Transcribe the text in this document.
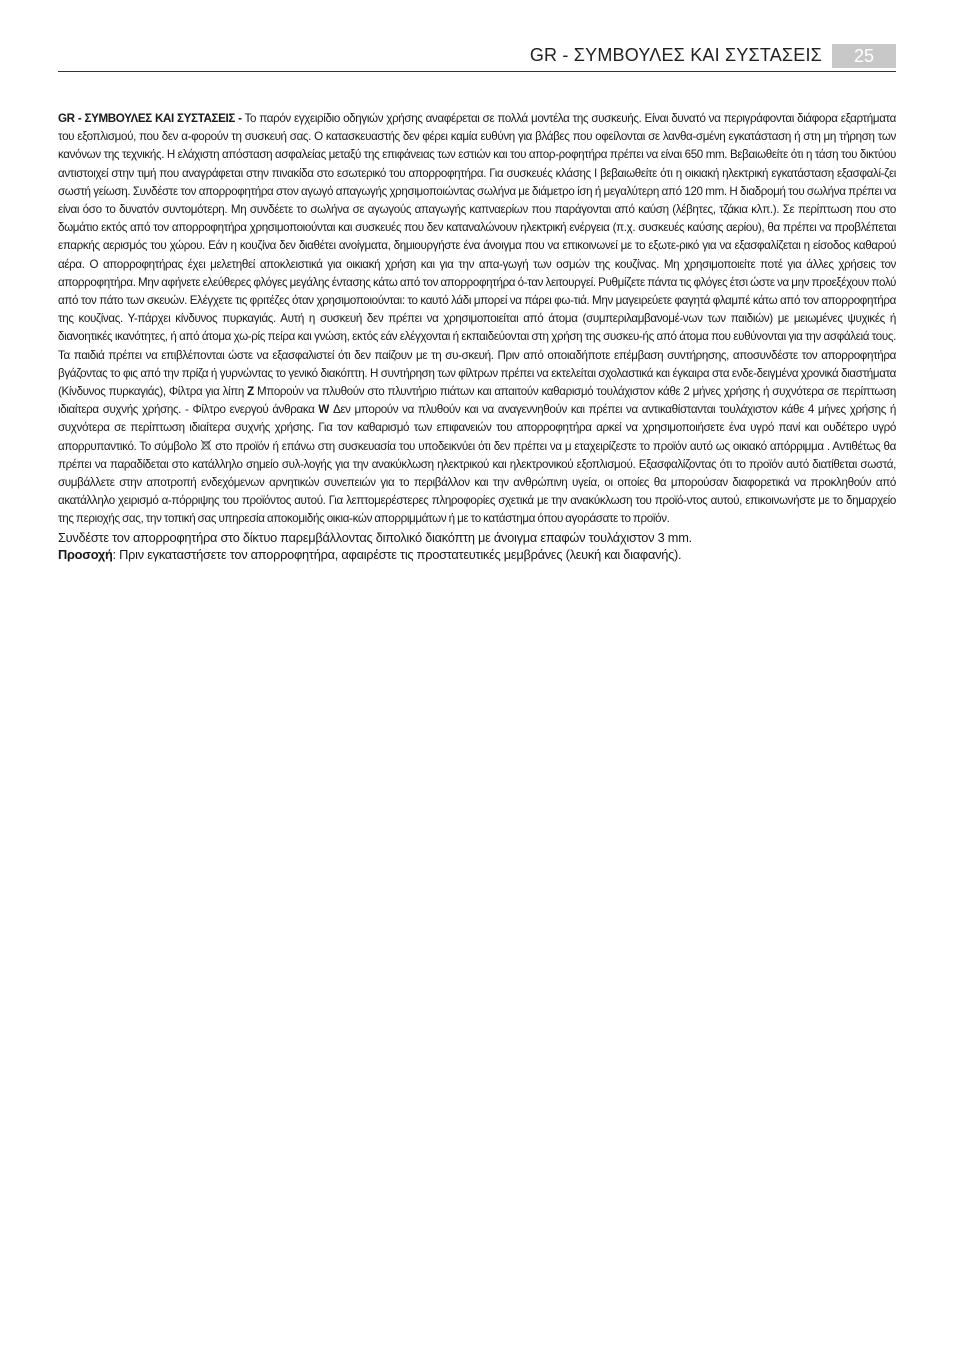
GR - ΣΥΜΒΟΥΛΕΣ ΚΑΙ ΣΥΣΤΑΣΕΙΣ	25

GR - ΣΥΜΒΟΥΛΕΣ ΚΑΙ ΣΥΣΤΑΣΕΙΣ - Το παρόν εγχειρίδιο οδηγιών χρήσης αναφέρεται σε πολλά μοντέλα της συσκευής. Είναι δυνατό να περιγράφονται διάφορα εξαρτήματα του εξοπλισμού, που δεν α-φορούν τη συσκευή σας. Ο κατασκευαστής δεν φέρει καμία ευθύνη για βλάβες που οφείλονται σε λανθα-σμένη εγκατάσταση ή στη μη τήρηση των κανόνων της τεχνικής. Η ελάχιστη απόσταση ασφαλείας μεταξύ της επιφάνειας των εστιών και του απορ-ροφητήρα πρέπει να είναι 650 mm. Βεβαιωθείτε ότι η τάση του δικτύου αντιστοιχεί στην τιμή που αναγράφεται στην πινακίδα στο εσωτερικό του απορροφητήρα. Για συσκευές κλάσης Ι βεβαιωθείτε ότι η οικιακή ηλεκτρική εγκατάσταση εξασφαλί-ζει σωστή γείωση. Συνδέστε τον απορροφητήρα στον αγωγό απαγωγής χρησιμοποιώντας σωλήνα με διάμετρο ίση ή μεγαλύτερη από 120 mm. Η διαδρομή του σωλήνα πρέπει να είναι όσο το δυνατόν συντομότερη. Μη συνδέετε το σωλήνα σε αγωγούς απαγωγής καπναερίων που παράγονται από καύση (λέβητες, τζάκια κλπ.). Σε περίπτωση που στο δωμάτιο εκτός από τον απορροφητήρα χρησιμοποιούνται και συσκευές που δεν καταναλώνουν ηλεκτρική ενέργεια (π.χ. συσκευές καύσης αερίου), θα πρέπει να προβλέπεται επαρκής αερισμός του χώρου. Εάν η κουζίνα δεν διαθέτει ανοίγματα, δημιουργήστε ένα άνοιγμα που να επικοινωνεί με το εξωτε-ρικό για να εξασφαλίζεται η είσοδος καθαρού αέρα. Ο απορροφητήρας έχει μελετηθεί αποκλειστικά για οικιακή χρήση και για την απα-γωγή των οσμών της κουζίνας. Μη χρησιμοποιείτε ποτέ για άλλες χρήσεις τον απορροφητήρα. Μην αφήνετε ελεύθερες φλόγες μεγάλης έντασης κάτω από τον απορροφητήρα ό-ταν λειτουργεί. Ρυθμίζετε πάντα τις φλόγες έτσι ώστε να μην προεξέχουν πολύ από τον πάτο των σκευών. Ελέγχετε τις φριτέζες όταν χρησιμοποιούνται: το καυτό λάδι μπορεί να πάρει φω-τιά. Μην μαγειρεύετε φαγητά φλαμπέ κάτω από τον απορροφητήρα της κουζίνας. Υ-πάρχει κίνδυνος πυρκαγιάς. Αυτή η συσκευή δεν πρέπει να χρησιμοποιείται από άτομα (συμπεριλαμβανομέ-νων των παιδιών) με μειωμένες ψυχικές ή διανοητικές ικανότητες, ή από άτομα χω-ρίς πείρα και γνώση, εκτός εάν ελέγχονται ή εκπαιδεύονται στη χρήση της συσκευ-ής από άτομα που ευθύνονται για την ασφάλειά τους. Τα παιδιά πρέπει να επιβλέπονται ώστε να εξασφαλιστεί ότι δεν παίζουν με τη συ-σκευή. Πριν από οποιαδήποτε επέμβαση συντήρησης, αποσυνδέστε τον απορροφητήρα βγάζοντας το φις από την πρίζα ή γυρνώντας το γενικό διακόπτη. Η συντήρηση των φίλτρων πρέπει να εκτελείται σχολαστικά και έγκαιρα στα ενδε-δειγμένα χρονικά διαστήματα (Κίνδυνος πυρκαγιάς), Φίλτρα για λίπη Z Μπορούν να πλυθούν στο πλυντήριο πιάτων και απαιτούν καθαρισμό τουλάχιστον κάθε 2 μήνες χρήσης ή συχνότερα σε περίπτωση ιδιαίτερα συχνής χρήσης. - Φίλτρο ενεργού άνθρακα W Δεν μπορούν να πλυθούν και να αναγεννηθούν και πρέπει να αντικαθίστανται τουλάχιστον κάθε 4 μήνες χρήσης ή συχνότερα σε περίπτωση ιδιαίτερα συχνής χρήσης. Για τον καθαρισμό των επιφανειών του απορροφητήρα αρκεί να χρησιμοποιήσετε ένα υγρό πανί και ουδέτερο υγρό απορρυπαντικό. Το σύμβολο  στο προϊόν ή επάνω στη συσκευασία του υποδεικνύει ότι δεν πρέπει να μ εταχειρίζεστε το προϊόν αυτό ως οικιακό απόρριμμα . Αντιθέτως θα πρέπει να παραδίδεται στο κατάλληλο σημείο συλ-λογής για την ανακύκλωση ηλεκτρικού και ηλεκτρονικού εξοπλισμού. Εξασφαλίζοντας ότι το προϊόν αυτό διατίθεται σωστά, συμβάλλετε στην αποτροπή ενδεχόμενων αρνητικών συνεπειών για το περιβάλλον και την ανθρώπινη υγεία, οι οποίες θα μπορούσαν διαφορετικά να προκληθούν από ακατάλληλο χειρισμό α-πόρριψης του προϊόντος αυτού. Για λεπτομερέστερες πληροφορίες σχετικά με την ανακύκλωση του προϊό-ντος αυτού, επικοινωνήστε με το δημαρχείο της περιοχής σας, την τοπική σας υπηρεσία αποκομιδής οικια-κών απορριμμάτων ή με το κατάστημα όπου αγοράσατε το προϊόν.

Συνδέστε τον απορροφητήρα στο δίκτυο παρεμβάλλοντας διπολικό διακόπτη με άνοιγμα επαφών τουλάχιστον 3 mm.

Προσοχή: Πριν εγκαταστήσετε τον απορροφητήρα, αφαιρέστε τις προστατευτικές μεμβράνες (λευκή και διαφανής).
